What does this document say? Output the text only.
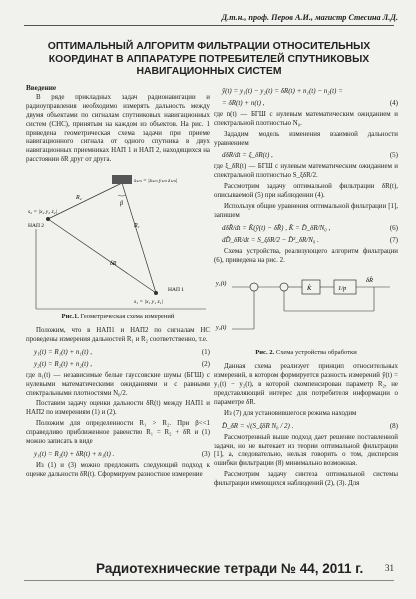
Д.т.н., проф. Перов А.И., магистр Стесина Л.Д.
ОПТИМАЛЬНЫЙ АЛГОРИТМ ФИЛЬТРАЦИИ ОТНОСИТЕЛЬНЫХ
КООРДИНАТ В АППАРАТУРЕ ПОТРЕБИТЕЛЕЙ СПУТНИКОВЫХ
НАВИГАЦИОННЫХ СИСТЕМ
Введение

В ряде прикладных задач радионавигации и радиоуправления необходимо измерять дальность между двумя объектами по сигналам спутниковых навигационных систем (СНС), принятым на каждом из объектов. На рис. 1 приведена геометрическая схема задачи при приеме навигационного сигнала от одного спутника в двух навигационных приемниках НАП 1 и НАП 2, находящихся на расстоянии δR друг от друга.

sₛₘ = |xₛₘ yₛₘ zₛₘ|
R₂
R₁
β
s₂ = |x₂ y₂ z₂|
НАП 2
НАП 1
s₁ = |x₁ y₁ z₁|
δR
Рис.1. Геометрическая схема измерений

Положим, что в НАП1 и НАП2 по сигналам НС проведены измерения дальностей R₁ и R₂ соответственно, т.е.

y₁(t) = R₁(t) + n₁(t) ,	(1)
y₂(t) = R₂(t) + n₂(t) ,	(2)

где n₁(t) — независимые белые гауссовские шумы (БГШ) с нулевыми математическими ожиданиями и с равными спектральными плотностями N₀/2.

Поставим задачу оценки дальности δR(t) между НАП1 и НАП2 по измерениям (1) и (2).

Положим для определенности R₁ > R₂. При β<<1 справедливо приближенное равенство R₁ = R₂ + δR и (1) можно записать в виде

y₁(t) = R₂(t) + δR(t) + n₁(t) .	(3)

Из (1) и (3) можно предложить следующий подход к оценке дальности δR(t). Сформируем разностное измерение

ỹ(t) = y₁(t) − y₂(t) = δR(t) + n₁(t) − n₂(t) =
= δR(t) + n(t) ,	(4)

где n(t) — БГШ с нулевым математическим ожиданием и спектральной плотностью N₀.

Зададим модель изменения взаимной дальности уравнением

dδR/dt = ξ_δR(t) ,	(5)

где ξ_δR(t) — БГШ с нулевым математическим ожиданием и спектральной плотностью S_ξδR/2.

Рассмотрим задачу оптимальной фильтрации δR(t), описываемой (5) при наблюдении (4).

Используя общие уравнения оптимальной фильтрации [1], запишем

dδR̂/dt = K̂(ỹ(t) − δR̂) , K̂ = D̂_δR/N₀ ,	(6)
dD̂_δR/dt = S_ξδR/2 − D̂²_δR/N₀ .	(7)

Схема устройства, реализующего алгоритм фильтрации (6), приведена на рис. 2.

y₁(t)
y₂(t)
K̂	1/p
δR̂
Рис. 2. Схема устройства обработки

Данная схема реализует принцип относительных измерений, в котором формируется разность измерений ỹ(t) = y₁(t) − y₂(t), в которой скомпенсирован параметр R₂, не представляющий интерес для потребителя информации о параметре δR.

Из (7) для установившегося режима находим

D̂_δR = √(S_ξδR N₀ / 2) .	(8)

Рассмотренный выше подход дает решение поставленной задачи, но не вытекает из теории оптимальной фильтрации [1], а, следовательно, нельзя говорить о том, дисперсия ошибки фильтрации (8) минимально возможная.

Рассмотрим задачу синтеза оптимальной системы фильтрации имеющихся наблюдений (2), (3). Для

Радиотехнические тетради № 44, 2011 г. 31
